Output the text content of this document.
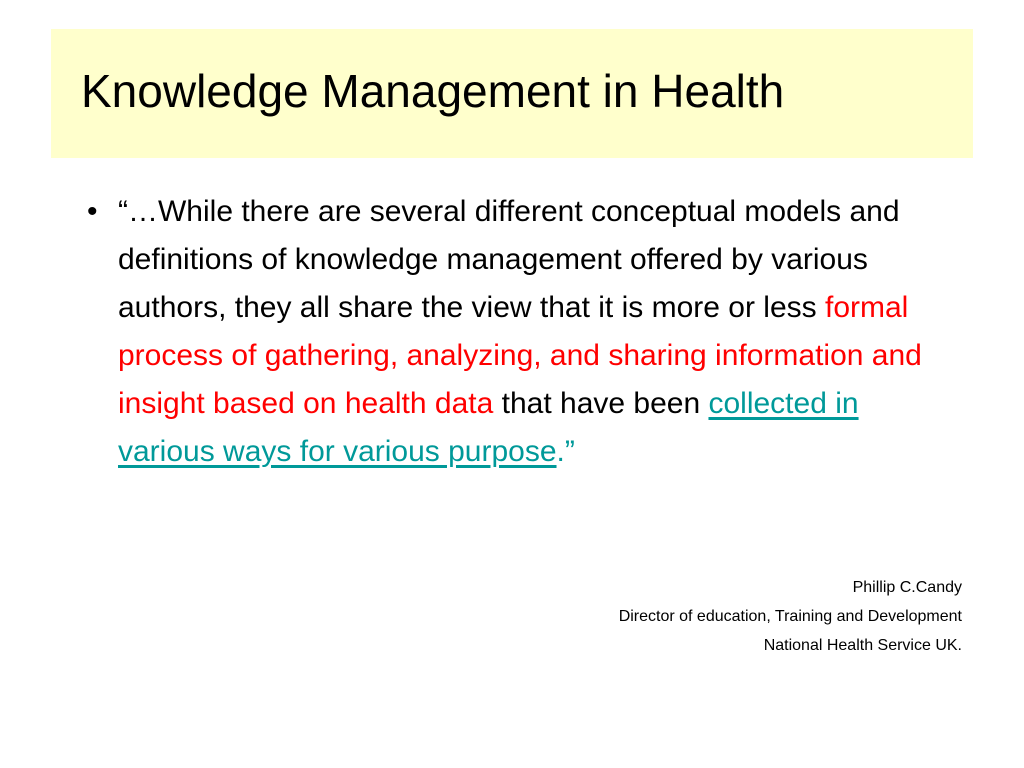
Knowledge Management in Health
• “…While there are several different conceptual models and definitions of knowledge management offered by various authors, they all share the view that it is more or less formal process of gathering, analyzing, and sharing information and insight based on health data that have been collected in various ways for various purpose.”

Phillip C.Candy
Director of education, Training and Development
National Health Service UK.
